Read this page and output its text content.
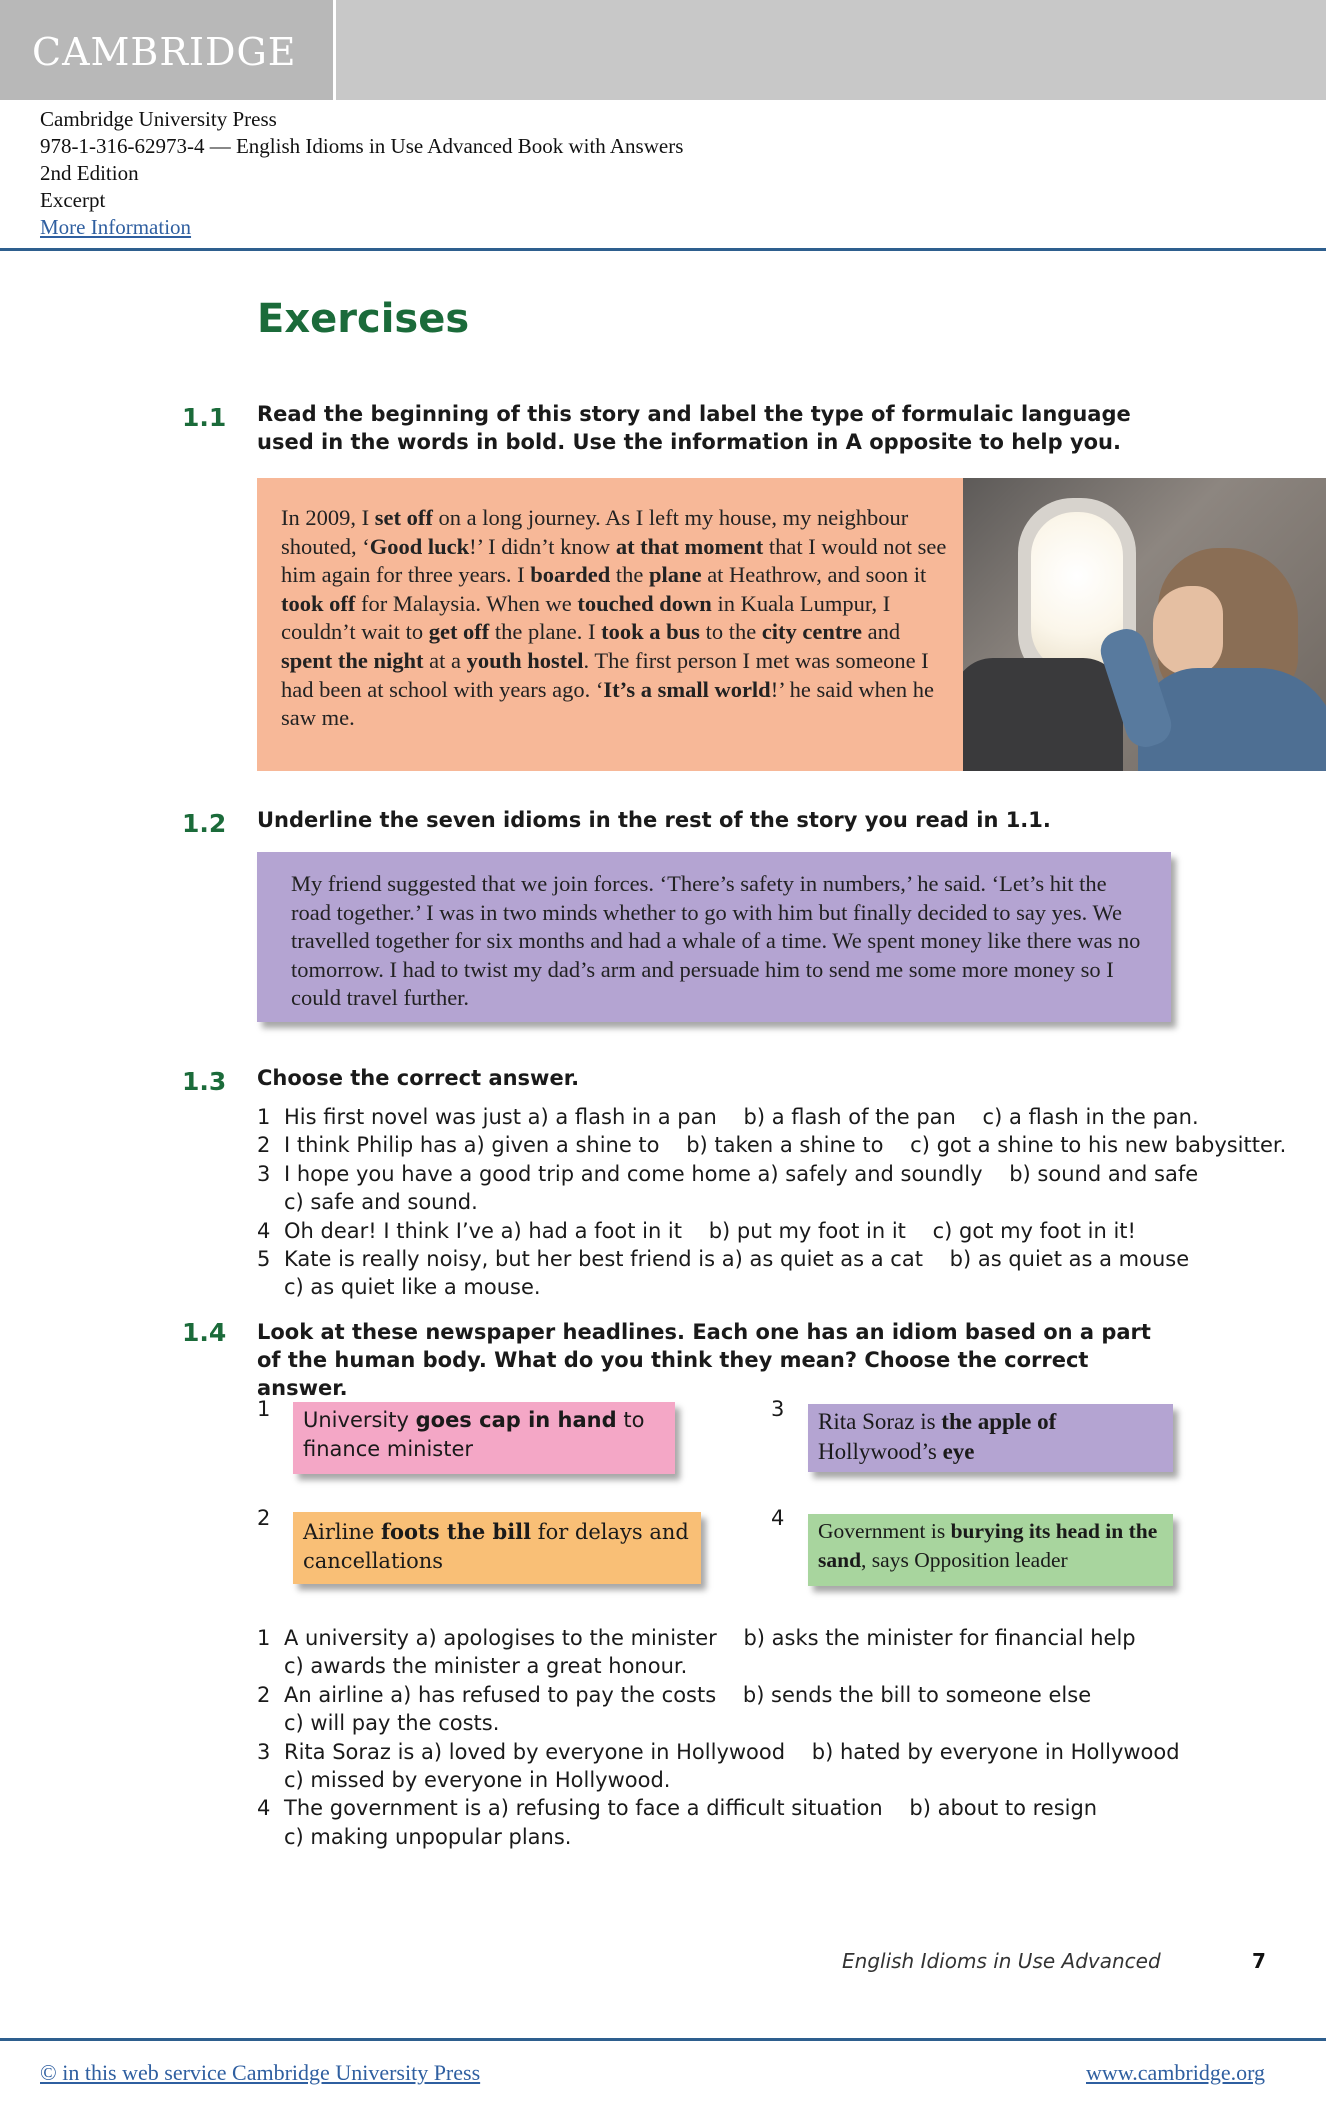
CAMBRIDGE
Cambridge University Press
978-1-316-62973-4 — English Idioms in Use Advanced Book with Answers
2nd Edition
Excerpt
More Information
Exercises
1.1 Read the beginning of this story and label the type of formulaic language used in the words in bold. Use the information in A opposite to help you.

In 2009, I set off on a long journey. As I left my house, my neighbour shouted, ‘Good luck!’ I didn’t know at that moment that I would not see him again for three years. I boarded the plane at Heathrow, and soon it took off for Malaysia. When we touched down in Kuala Lumpur, I couldn’t wait to get off the plane. I took a bus to the city centre and spent the night at a youth hostel. The first person I met was someone I had been at school with years ago. ‘It’s a small world!’ he said when he saw me.

1.2 Underline the seven idioms in the rest of the story you read in 1.1.

My friend suggested that we join forces. ‘There’s safety in numbers,’ he said. ‘Let’s hit the road together.’ I was in two minds whether to go with him but finally decided to say yes. We travelled together for six months and had a whale of a time. We spent money like there was no tomorrow. I had to twist my dad’s arm and persuade him to send me some more money so I could travel further.

1.3 Choose the correct answer.
1 His first novel was just a) a flash in a pan    b) a flash of the pan    c) a flash in the pan.
2 I think Philip has a) given a shine to    b) taken a shine to    c) got a shine to his new babysitter.
3 I hope you have a good trip and come home a) safely and soundly    b) sound and safe
c) safe and sound.
4 Oh dear! I think I’ve a) had a foot in it    b) put my foot in it    c) got my foot in it!
5 Kate is really noisy, but her best friend is a) as quiet as a cat    b) as quiet as a mouse
c) as quiet like a mouse.
1.4 Look at these newspaper headlines. Each one has an idiom based on a part of the human body. What do you think they mean? Choose the correct answer.
1	University goes cap in hand to finance minister
2
Airline foots the bill for delays and cancellations
3	Rita Soraz is the apple of Hollywood’s eye
4
Government is burying its head in the sand, says Opposition leader
1 A university a) apologises to the minister    b) asks the minister for financial help
c) awards the minister a great honour.
2 An airline a) has refused to pay the costs    b) sends the bill to someone else
c) will pay the costs.
3 Rita Soraz is a) loved by everyone in Hollywood    b) hated by everyone in Hollywood
c) missed by everyone in Hollywood.
4 The government is a) refusing to face a difficult situation    b) about to resign
c) making unpopular plans.
English Idioms in Use Advanced	7
© in this web service Cambridge University Press	www.cambridge.org
